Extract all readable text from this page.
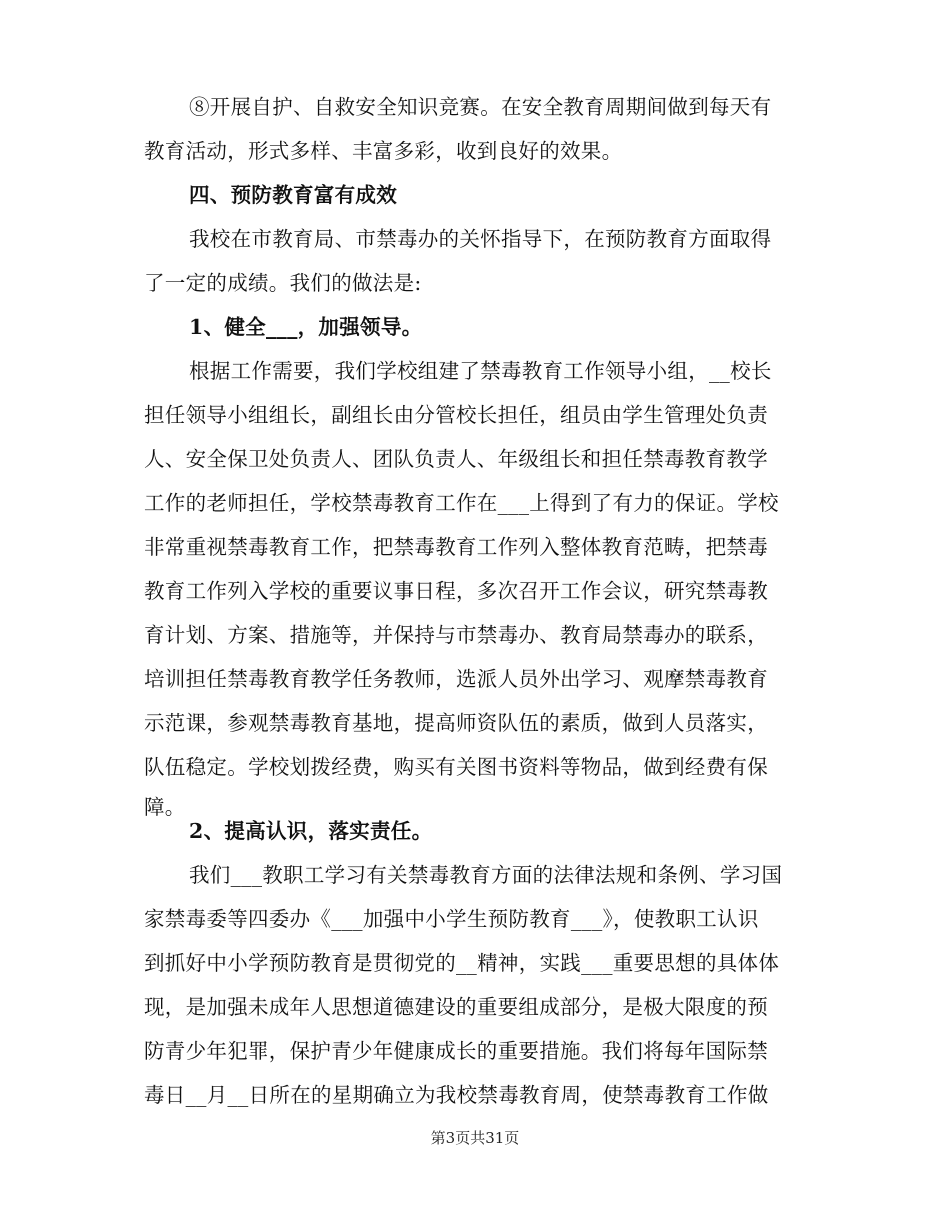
⑧开展自护、自救安全知识竞赛。在安全教育周期间做到每天有
教育活动，形式多样、丰富多彩，收到良好的效果。
四、预防教育富有成效
我校在市教育局、市禁毒办的关怀指导下，在预防教育方面取得
了一定的成绩。我们的做法是:
1、健全___，加强领导。
根据工作需要，我们学校组建了禁毒教育工作领导小组，__校长
担任领导小组组长，副组长由分管校长担任，组员由学生管理处负责
人、安全保卫处负责人、团队负责人、年级组长和担任禁毒教育教学
工作的老师担任，学校禁毒教育工作在___上得到了有力的保证。学校
非常重视禁毒教育工作，把禁毒教育工作列入整体教育范畴，把禁毒
教育工作列入学校的重要议事日程，多次召开工作会议，研究禁毒教
育计划、方案、措施等，并保持与市禁毒办、教育局禁毒办的联系，
培训担任禁毒教育教学任务教师，选派人员外出学习、观摩禁毒教育
示范课，参观禁毒教育基地，提高师资队伍的素质，做到人员落实，
队伍稳定。学校划拨经费，购买有关图书资料等物品，做到经费有保
障。
2、提高认识，落实责任。
我们___教职工学习有关禁毒教育方面的法律法规和条例、学习国
家禁毒委等四委办《___加强中小学生预防教育___》，使教职工认识
到抓好中小学预防教育是贯彻党的__精神，实践___重要思想的具体体
现，是加强未成年人思想道德建设的重要组成部分，是极大限度的预
防青少年犯罪，保护青少年健康成长的重要措施。我们将每年国际禁
毒日__月__日所在的星期确立为我校禁毒教育周，使禁毒教育工作做
第3页共31页
